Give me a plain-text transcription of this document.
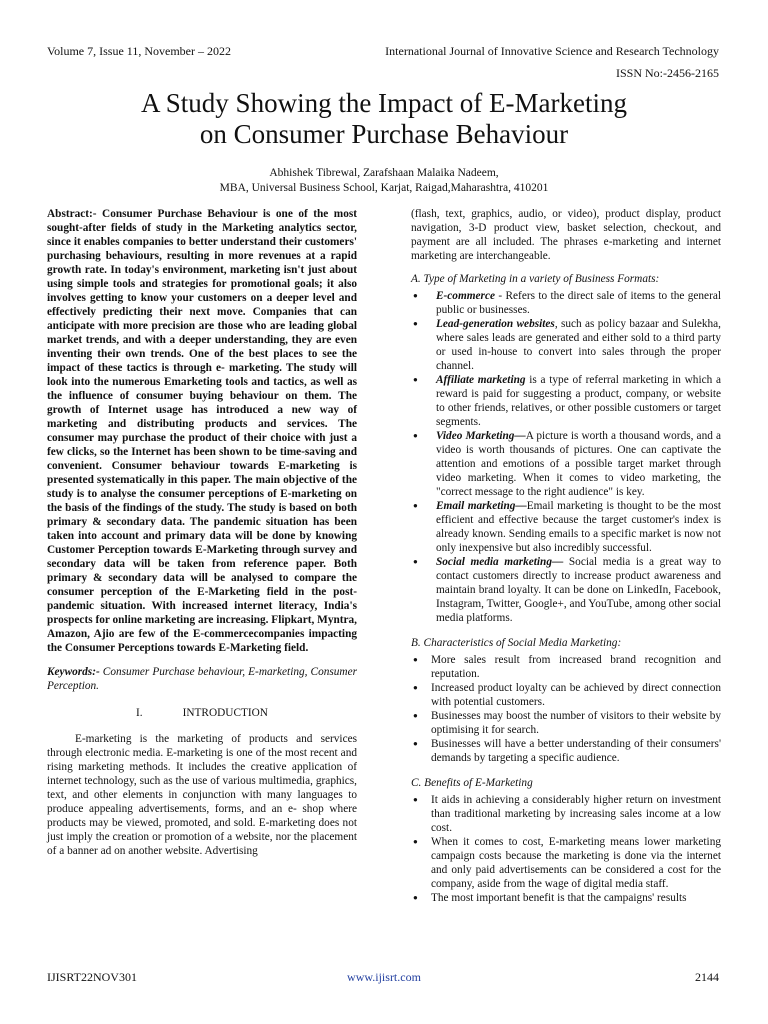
Volume 7, Issue 11, November – 2022	International Journal of Innovative Science and Research Technology
ISSN No:-2456-2165
A Study Showing the Impact of E-Marketing
on Consumer Purchase Behaviour
Abhishek Tibrewal, Zarafshaan Malaika Nadeem,
MBA, Universal Business School, Karjat, Raigad,Maharashtra, 410201

Abstract:- Consumer Purchase Behaviour is one of the most sought-after fields of study in the Marketing analytics sector, since it enables companies to better understand their customers' purchasing behaviours, resulting in more revenues at a rapid growth rate. In today's environment, marketing isn't just about using simple tools and strategies for promotional goals; it also involves getting to know your customers on a deeper level and effectively predicting their next move. Companies that can anticipate with more precision are those who are leading global market trends, and with a deeper understanding, they are even inventing their own trends. One of the best places to see the impact of these tactics is through e- marketing. The study will look into the numerous Emarketing tools and tactics, as well as the influence of consumer buying behaviour on them. The growth of Internet usage has introduced a new way of marketing and distributing products and services. The consumer may purchase the product of their choice with just a few clicks, so the Internet has been shown to be time-saving and convenient. Consumer behaviour towards E-marketing is presented systematically in this paper. The main objective of the study is to analyse the consumer perceptions of E-marketing on the basis of the findings of the study. The study is based on both primary & secondary data. The pandemic situation has been taken into account and primary data will be done by knowing Customer Perception towards E-Marketing through survey and secondary data will be taken from reference paper. Both primary & secondary data will be analysed to compare the consumer perception of the E-Marketing field in the post-pandemic situation. With increased internet literacy, India's prospects for online marketing are increasing. Flipkart, Myntra, Amazon, Ajio are few of the E-commercecompanies impacting the Consumer Perceptions towards E-Marketing field.

Keywords:- Consumer Purchase behaviour, E-marketing, Consumer Perception.

I.	INTRODUCTION

E-marketing is the marketing of products and services through electronic media. E-marketing is one of the most recent and rising marketing methods. It includes the creative application of internet technology, such as the use of various multimedia, graphics, text, and other elements in conjunction with many languages to produce appealing advertisements, forms, and an e- shop where products may be viewed, promoted, and sold. E-marketing does not just imply the creation or promotion of a website, nor the placement of a banner ad on another website. Advertising

(flash, text, graphics, audio, or video), product display, product navigation, 3-D product view, basket selection, checkout, and payment are all included. The phrases e-marketing and internet marketing are interchangeable.

A. Type of Marketing in a variety of Business Formats:
● E-commerce - Refers to the direct sale of items to the general public or businesses.
● Lead-generation websites, such as policy bazaar and Sulekha, where sales leads are generated and either sold to a third party or used in-house to convert into sales through the proper channel.
● Affiliate marketing is a type of referral marketing in which a reward is paid for suggesting a product, company, or website to other friends, relatives, or other possible customers or target segments.
● Video Marketing—A picture is worth a thousand words, and a video is worth thousands of pictures. One can captivate the attention and emotions of a possible target market through video marketing. When it comes to video marketing, the "correct message to the right audience" is key.
● Email marketing—Email marketing is thought to be the most efficient and effective because the target customer's index is already known. Sending emails to a specific market is now not only inexpensive but also incredibly successful.
● Social media marketing— Social media is a great way to contact customers directly to increase product awareness and maintain brand loyalty. It can be done on LinkedIn, Facebook, Instagram, Twitter, Google+, and YouTube, among other social media platforms.
B. Characteristics of Social Media Marketing:
● More sales result from increased brand recognition and reputation.
● Increased product loyalty can be achieved by direct connection with potential customers.
● Businesses may boost the number of visitors to their website by optimising it for search.
● Businesses will have a better understanding of their consumers' demands by targeting a specific audience.
C. Benefits of E-Marketing
● It aids in achieving a considerably higher return on investment than traditional marketing by increasing sales income at a low cost.
● When it comes to cost, E-marketing means lower marketing campaign costs because the marketing is done via the internet and only paid advertisements can be considered a cost for the company, aside from the wage of digital media staff.
● The most important benefit is that the campaigns' results
IJISRT22NOV301	www.ijisrt.com	2144
